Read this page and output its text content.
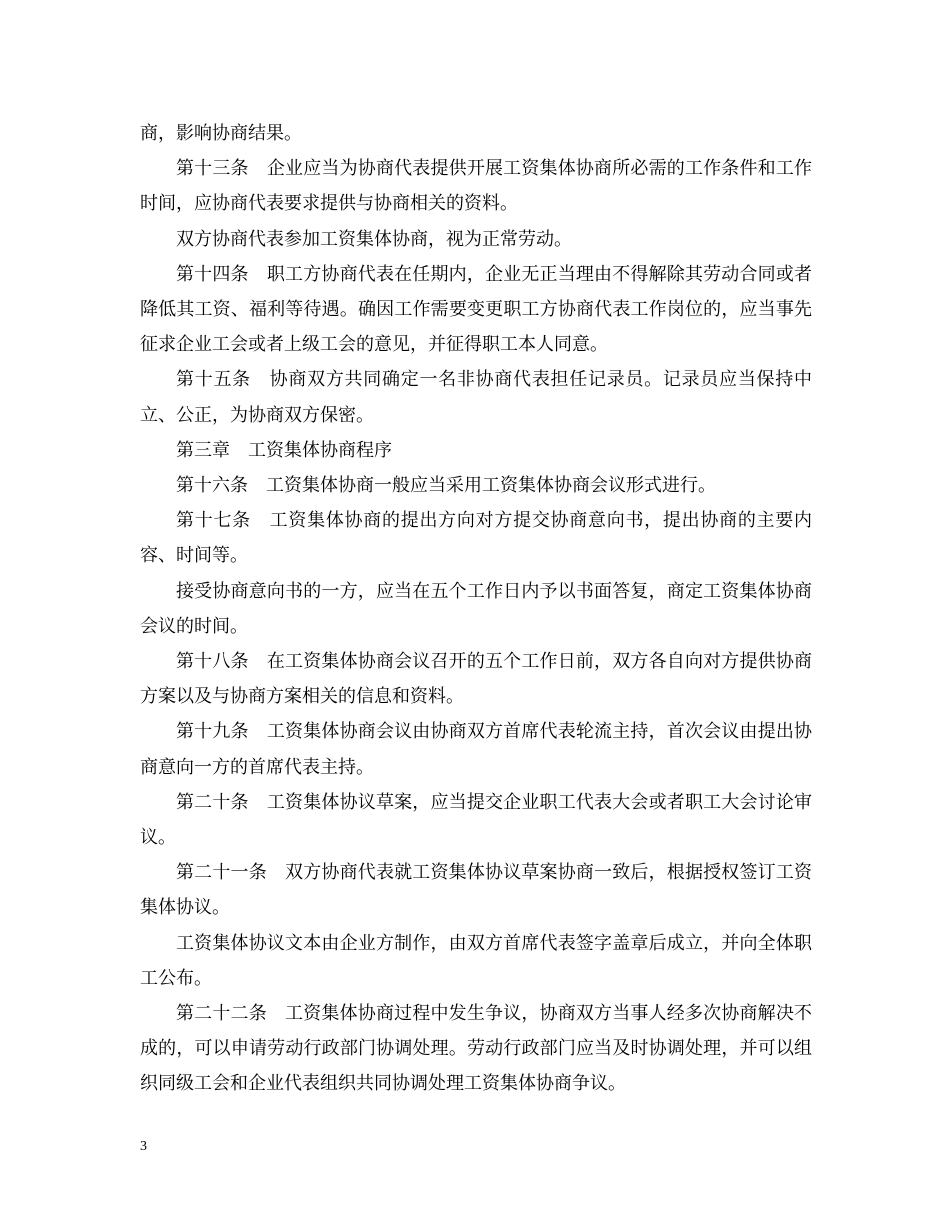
商，影响协商结果。

第十三条　企业应当为协商代表提供开展工资集体协商所必需的工作条件和工作时间，应协商代表要求提供与协商相关的资料。

双方协商代表参加工资集体协商，视为正常劳动。

第十四条　职工方协商代表在任期内，企业无正当理由不得解除其劳动合同或者降低其工资、福利等待遇。确因工作需要变更职工方协商代表工作岗位的，应当事先征求企业工会或者上级工会的意见，并征得职工本人同意。

第十五条　协商双方共同确定一名非协商代表担任记录员。记录员应当保持中立、公正，为协商双方保密。

第三章　工资集体协商程序

第十六条　工资集体协商一般应当采用工资集体协商会议形式进行。

第十七条　工资集体协商的提出方向对方提交协商意向书，提出协商的主要内容、时间等。

接受协商意向书的一方，应当在五个工作日内予以书面答复，商定工资集体协商会议的时间。

第十八条　在工资集体协商会议召开的五个工作日前，双方各自向对方提供协商方案以及与协商方案相关的信息和资料。

第十九条　工资集体协商会议由协商双方首席代表轮流主持，首次会议由提出协商意向一方的首席代表主持。

第二十条　工资集体协议草案，应当提交企业职工代表大会或者职工大会讨论审议。

第二十一条　双方协商代表就工资集体协议草案协商一致后，根据授权签订工资集体协议。

工资集体协议文本由企业方制作，由双方首席代表签字盖章后成立，并向全体职工公布。

第二十二条　工资集体协商过程中发生争议，协商双方当事人经多次协商解决不成的，可以申请劳动行政部门协调处理。劳动行政部门应当及时协调处理，并可以组织同级工会和企业代表组织共同协调处理工资集体协商争议。

3
